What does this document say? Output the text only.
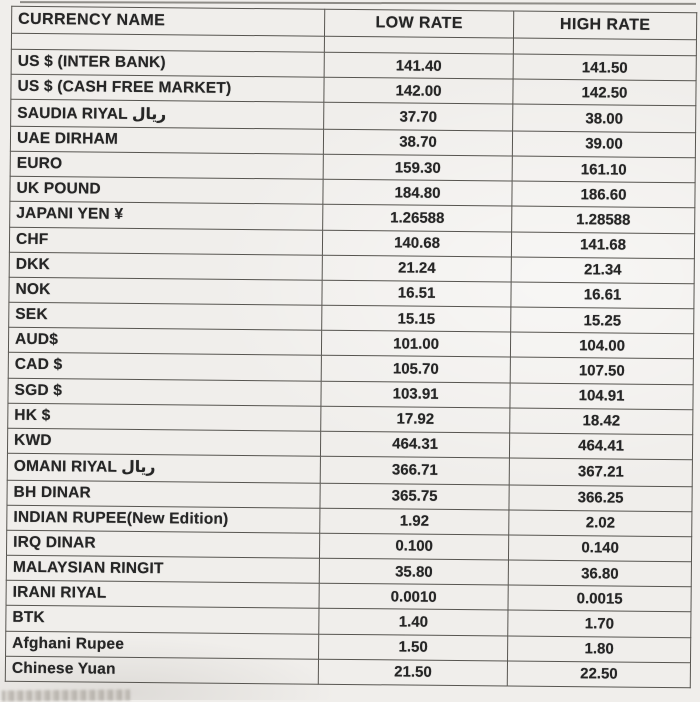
CURRENCY NAME	LOW RATE	HIGH RATE

US $ (INTER BANK)	141.40	141.50
US $ (CASH FREE MARKET)	142.00	142.50
SAUDIA RIYAL ريال	37.70	38.00
UAE DIRHAM	38.70	39.00
EURO	159.30	161.10
UK POUND	184.80	186.60
JAPANI YEN ¥	1.26588	1.28588
CHF	140.68	141.68
DKK	21.24	21.34
NOK	16.51	16.61
SEK	15.15	15.25
AUD$	101.00	104.00
CAD $	105.70	107.50
SGD $	103.91	104.91
HK $	17.92	18.42
KWD	464.31	464.41
OMANI RIYAL ريال	366.71	367.21
BH DINAR	365.75	366.25
INDIAN RUPEE(New Edition)	1.92	2.02
IRQ DINAR	0.100	0.140
MALAYSIAN RINGIT	35.80	36.80
IRANI RIYAL	0.0010	0.0015
BTK	1.40	1.70
Afghani Rupee	1.50	1.80
Chinese Yuan	21.50	22.50
